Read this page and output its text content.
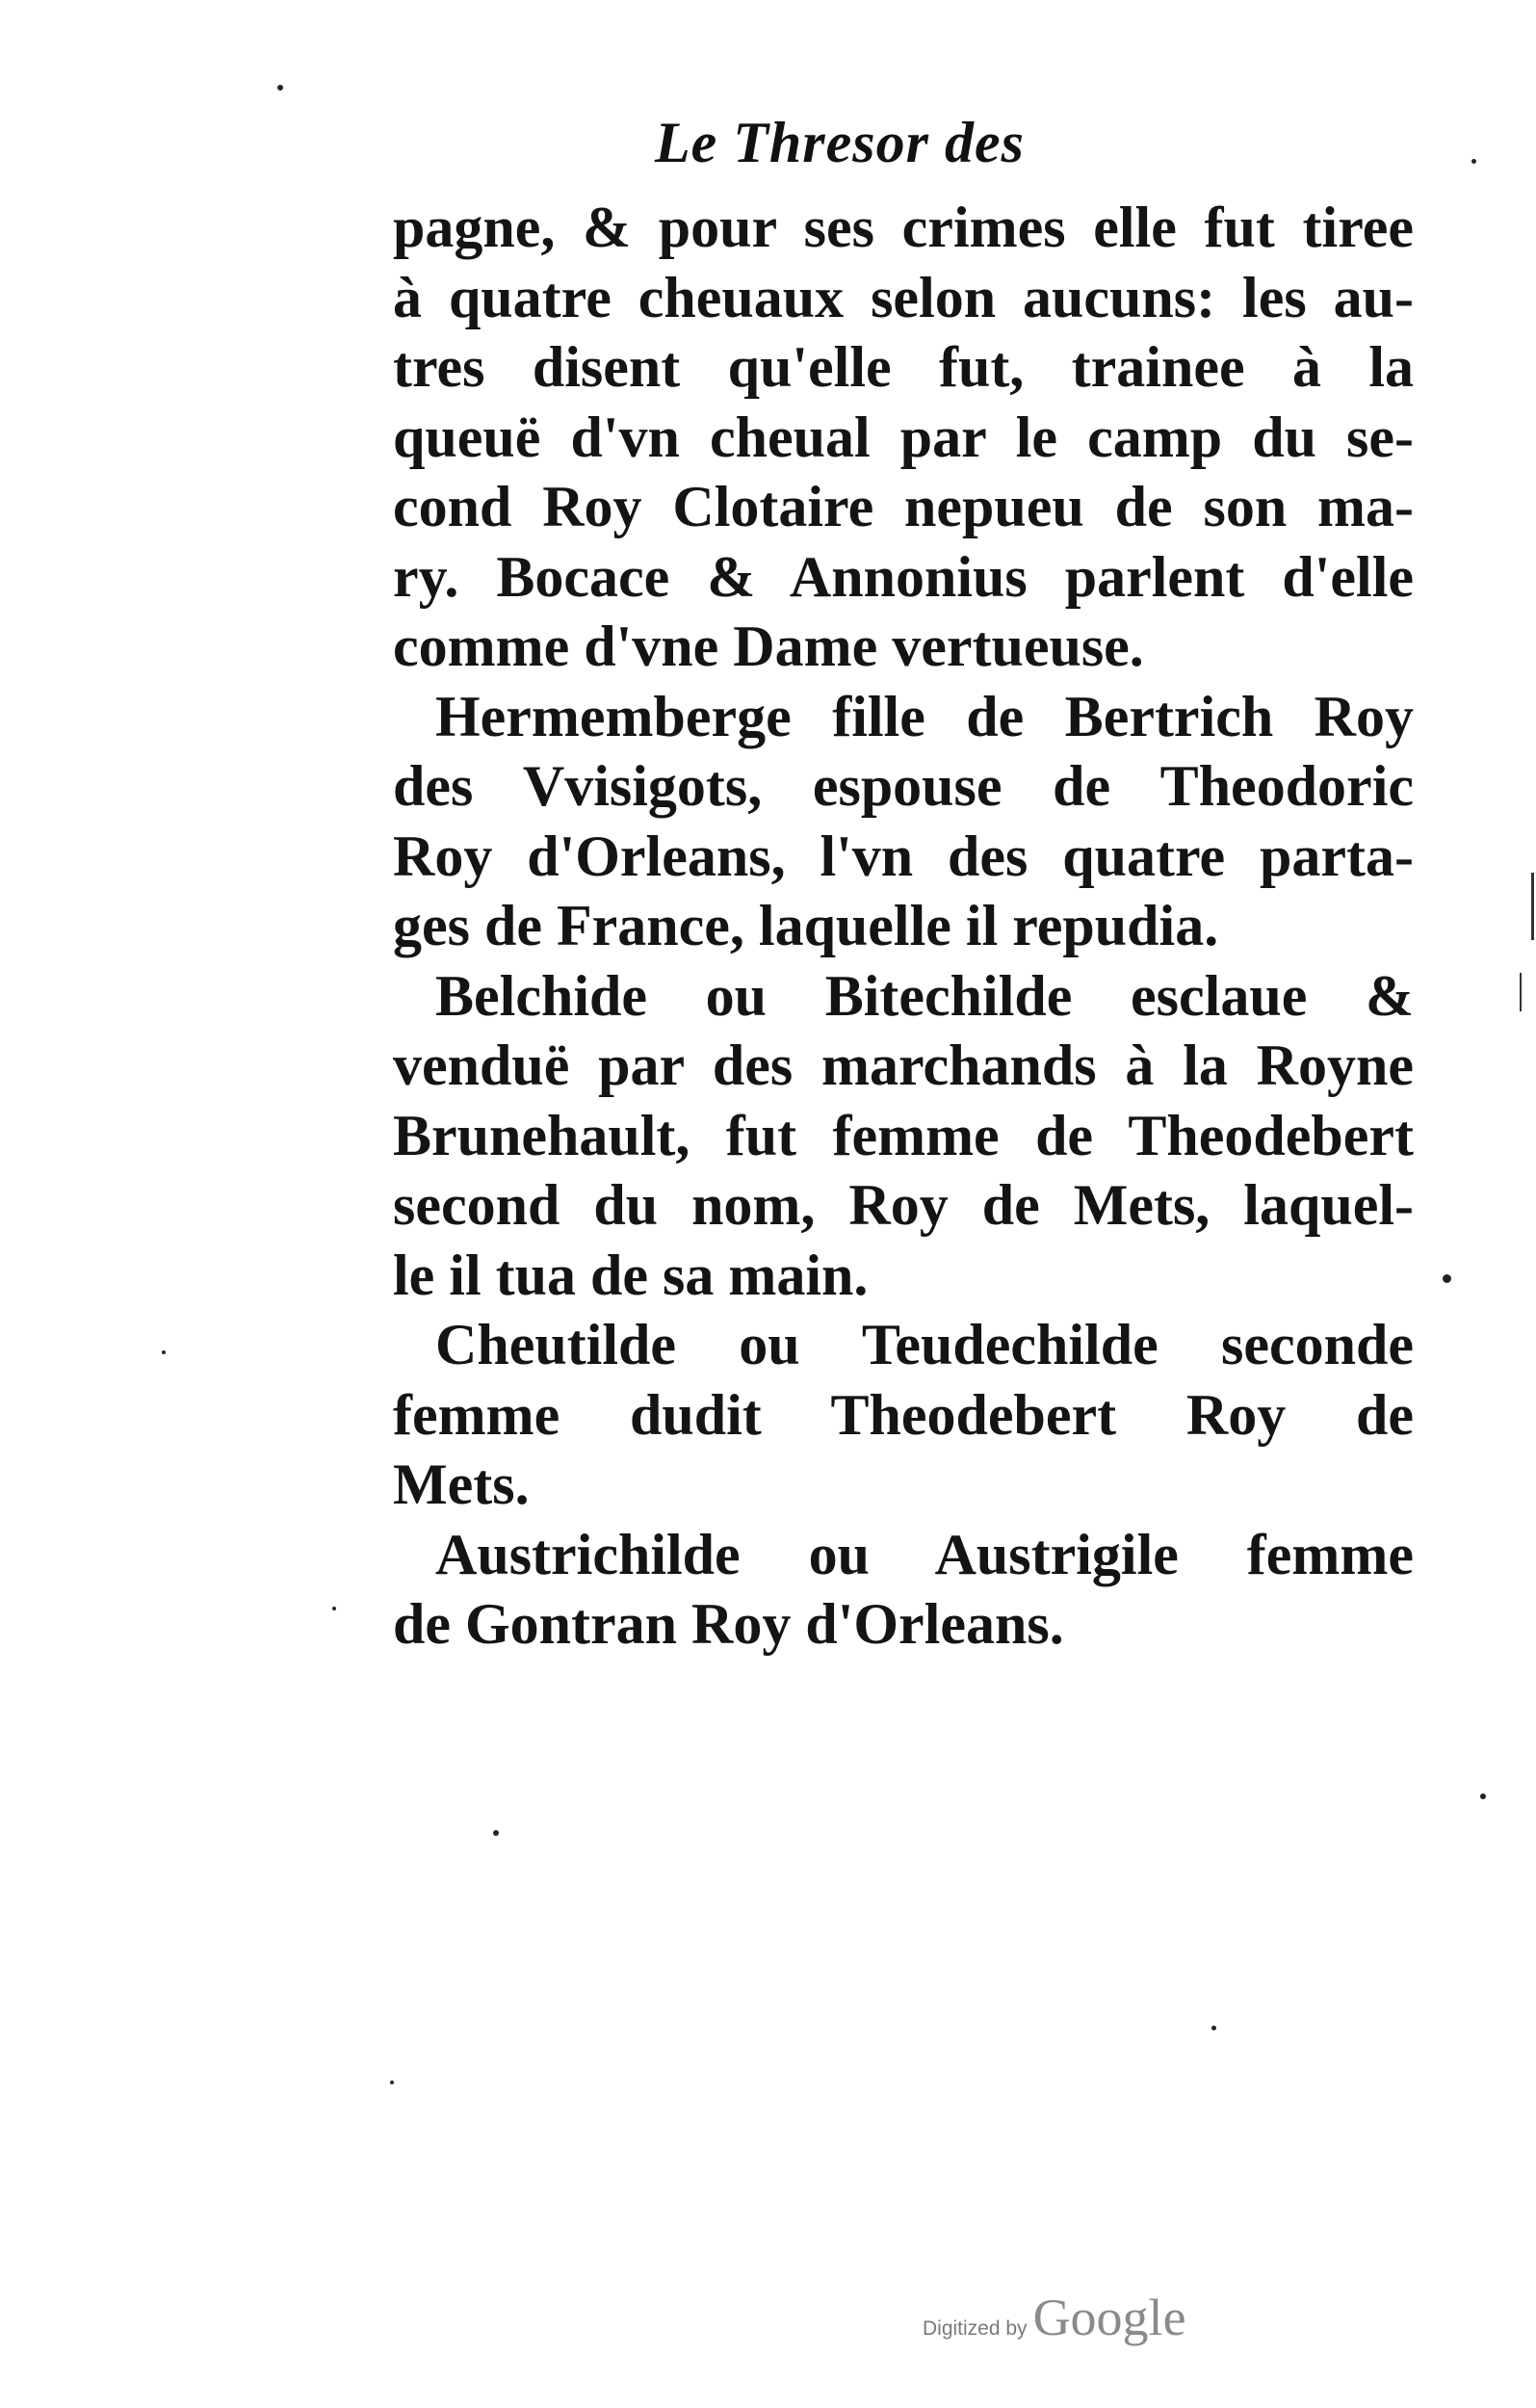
Le Thresor des
pagne, & pour ses crimes elle fut tiree
à quatre cheuaux selon aucuns: les au-
tres disent qu'elle fut, trainee à la
queuë d'vn cheual par le camp du se-
cond Roy Clotaire nepueu de son ma-
ry. Bocace & Annonius parlent d'elle
comme d'vne Dame vertueuse.
Hermemberge fille de Bertrich Roy
des Vvisigots, espouse de Theodoric
Roy d'Orleans, l'vn des quatre parta-
ges de France, laquelle il repudia.
Belchide ou Bitechilde esclaue &
venduë par des marchands à la Royne
Brunehault, fut femme de Theodebert
second du nom, Roy de Mets, laquel-
le il tua de sa main.
Cheutilde ou Teudechilde seconde
femme dudit Theodebert Roy de
Mets.
Austrichilde ou Austrigile femme
de Gontran Roy d'Orleans.
Digitized by Google
